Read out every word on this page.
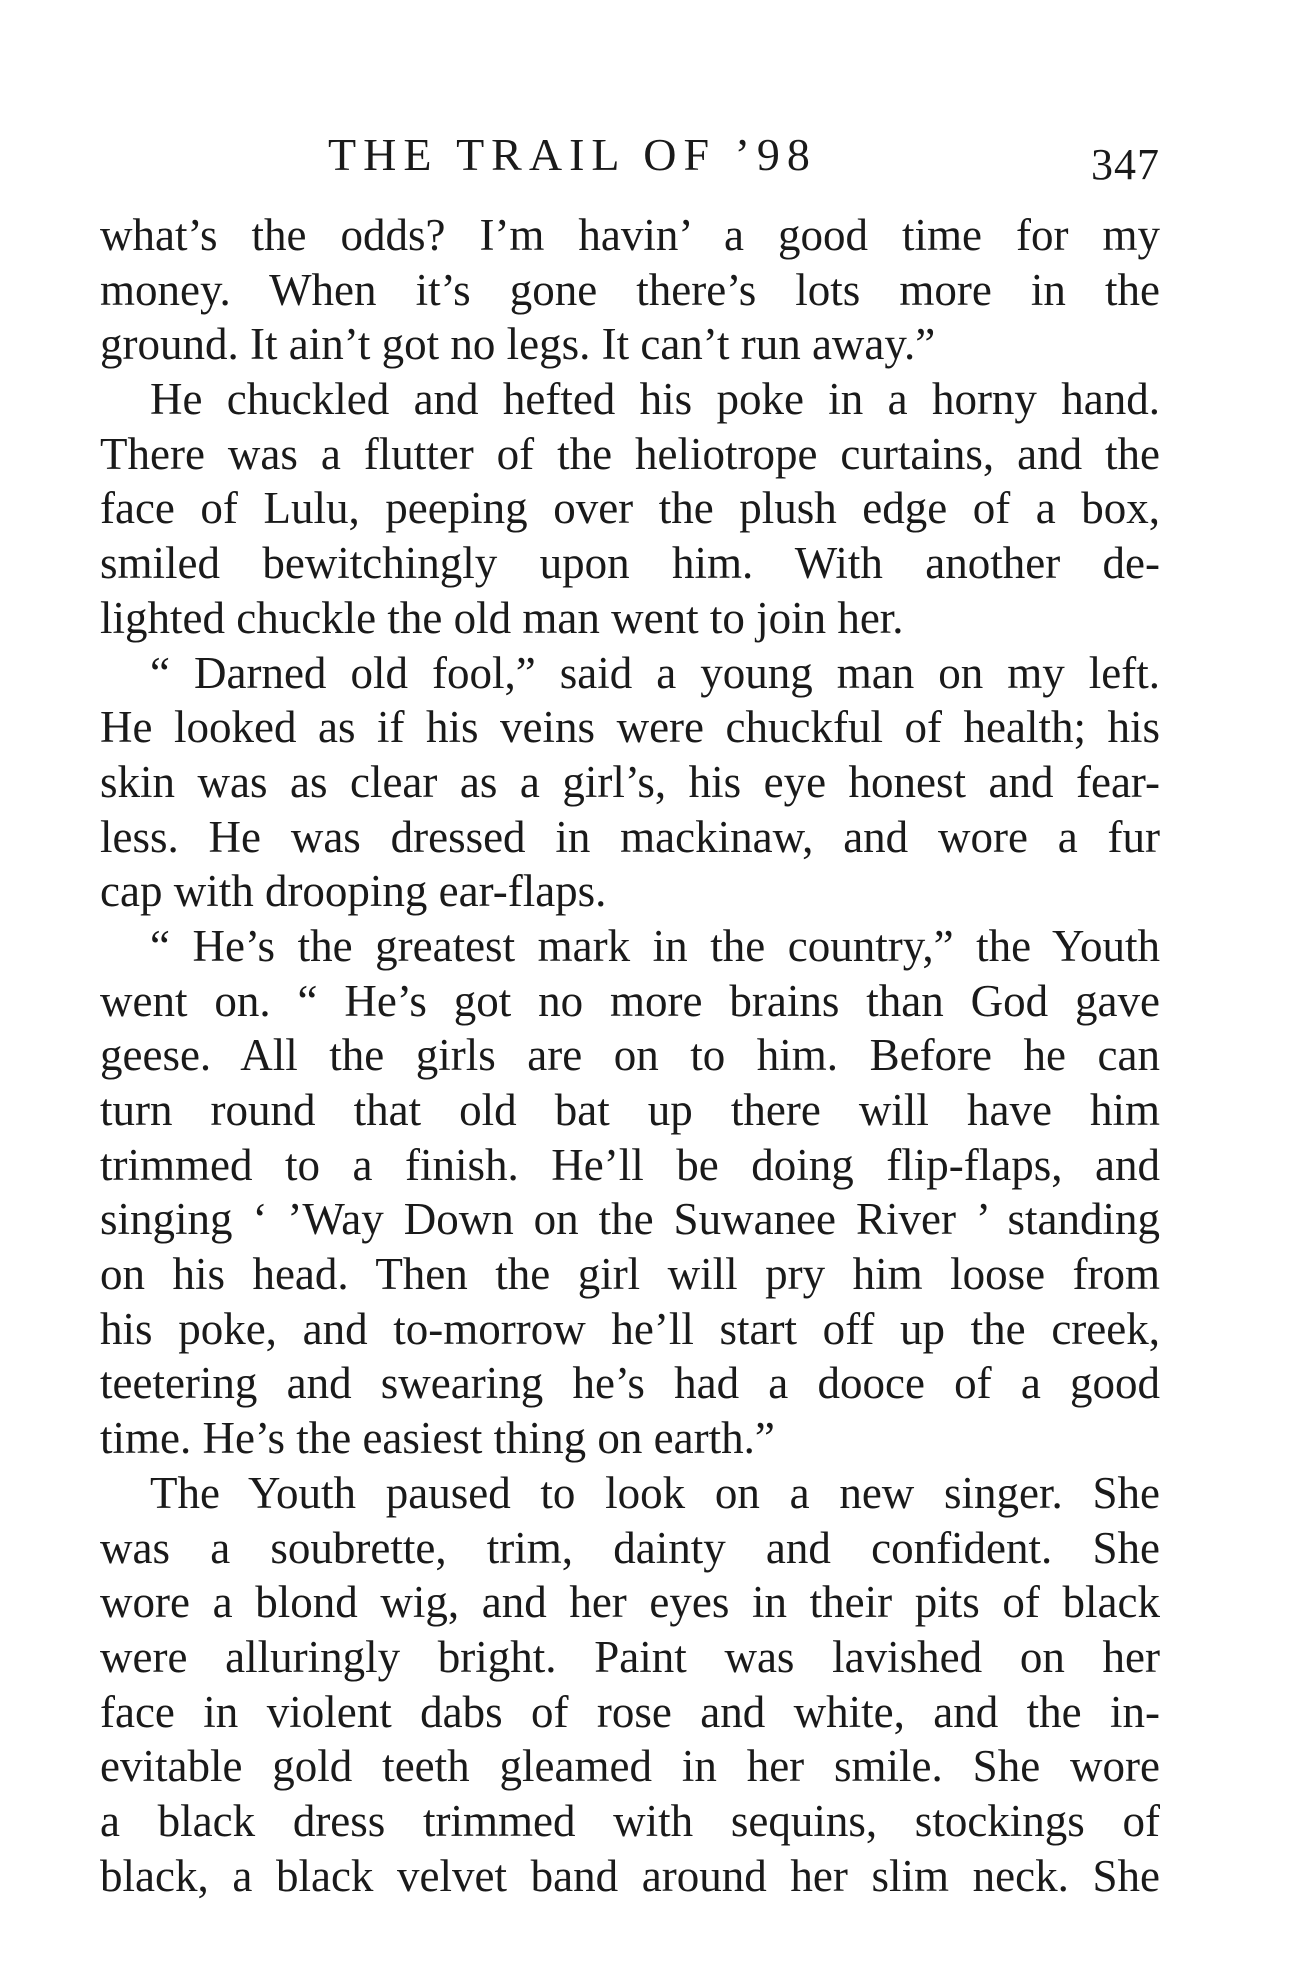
THE TRAIL OF ’98	347
what’s the odds? I’m havin’ a good time for my
money. When it’s gone there’s lots more in the
ground. It ain’t got no legs. It can’t run away.”
He chuckled and hefted his poke in a horny hand.
There was a flutter of the heliotrope curtains, and the
face of Lulu, peeping over the plush edge of a box,
smiled bewitchingly upon him. With another de-
lighted chuckle the old man went to join her.
“ Darned old fool,” said a young man on my left.
He looked as if his veins were chuckful of health; his
skin was as clear as a girl’s, his eye honest and fear-
less. He was dressed in mackinaw, and wore a fur
cap with drooping ear-flaps.
“ He’s the greatest mark in the country,” the Youth
went on. “ He’s got no more brains than God gave
geese. All the girls are on to him. Before he can
turn round that old bat up there will have him
trimmed to a finish. He’ll be doing flip-flaps, and
singing ‘ ’Way Down on the Suwanee River ’ standing
on his head. Then the girl will pry him loose from
his poke, and to-morrow he’ll start off up the creek,
teetering and swearing he’s had a dooce of a good
time. He’s the easiest thing on earth.”
The Youth paused to look on a new singer. She
was a soubrette, trim, dainty and confident. She
wore a blond wig, and her eyes in their pits of black
were alluringly bright. Paint was lavished on her
face in violent dabs of rose and white, and the in-
evitable gold teeth gleamed in her smile. She wore
a black dress trimmed with sequins, stockings of
black, a black velvet band around her slim neck. She
